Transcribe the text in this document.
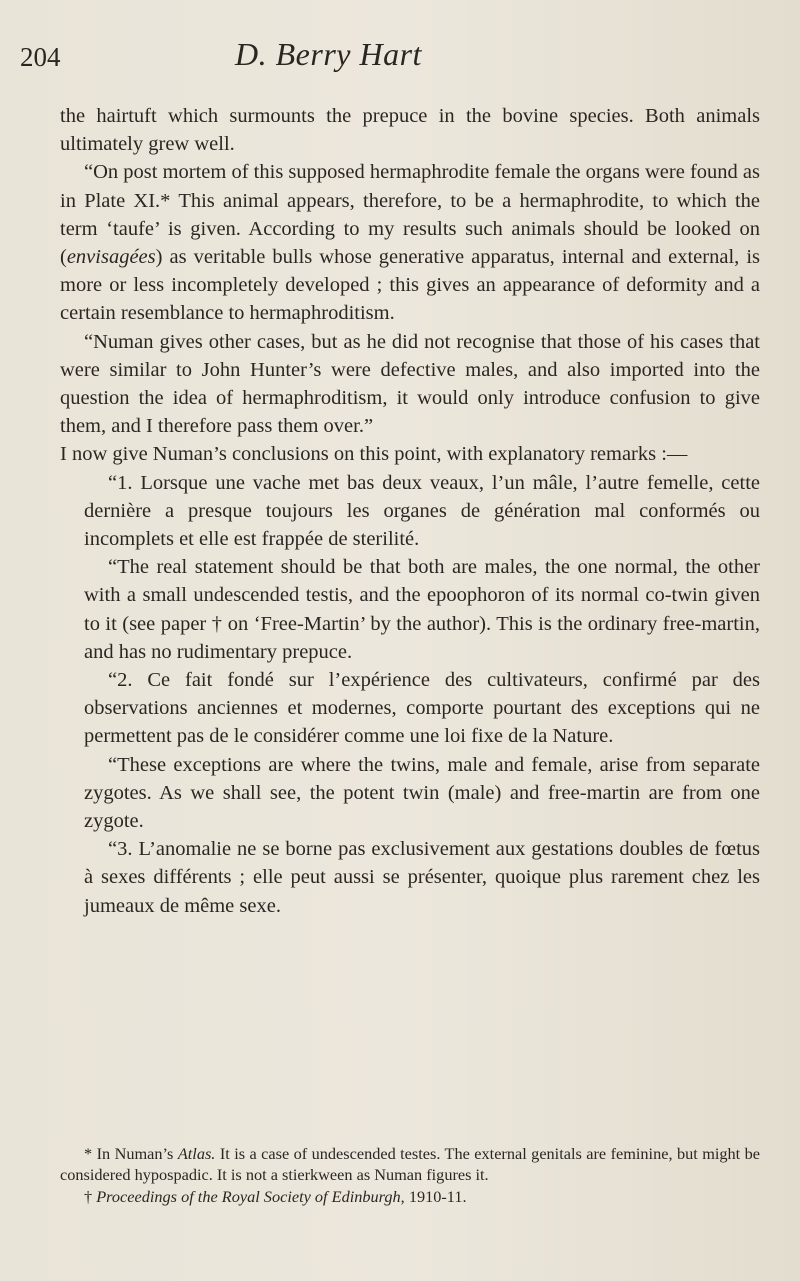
204	D. Berry Hart

the hairtuft which surmounts the prepuce in the bovine species. Both animals ultimately grew well.

“On post mortem of this supposed hermaphrodite female the organs were found as in Plate XI.* This animal appears, therefore, to be a hermaphrodite, to which the term ‘taufe’ is given. According to my results such animals should be looked on (envisagées) as veritable bulls whose generative apparatus, internal and external, is more or less incompletely developed ; this gives an appearance of deformity and a certain resemblance to hermaphroditism.

“Numan gives other cases, but as he did not recognise that those of his cases that were similar to John Hunter’s were defective males, and also imported into the question the idea of hermaphroditism, it would only introduce confusion to give them, and I therefore pass them over.”

I now give Numan’s conclusions on this point, with explanatory remarks :—

“1. Lorsque une vache met bas deux veaux, l’un mâle, l’autre femelle, cette dernière a presque toujours les organes de génération mal conformés ou incomplets et elle est frappée de sterilité.

“The real statement should be that both are males, the one normal, the other with a small undescended testis, and the epoophoron of its normal co-twin given to it (see paper † on ‘Free-Martin’ by the author). This is the ordinary free-martin, and has no rudimentary prepuce.

“2. Ce fait fondé sur l’expérience des cultivateurs, confirmé par des observations anciennes et modernes, comporte pourtant des exceptions qui ne permettent pas de le considérer comme une loi fixe de la Nature.

“These exceptions are where the twins, male and female, arise from separate zygotes. As we shall see, the potent twin (male) and free-martin are from one zygote.

“3. L’anomalie ne se borne pas exclusivement aux gestations doubles de fœtus à sexes différents ; elle peut aussi se présenter, quoique plus rarement chez les jumeaux de même sexe.

* In Numan’s Atlas. It is a case of undescended testes. The external genitals are feminine, but might be considered hypospadic. It is not a stierkween as Numan figures it.

† Proceedings of the Royal Society of Edinburgh, 1910-11.
